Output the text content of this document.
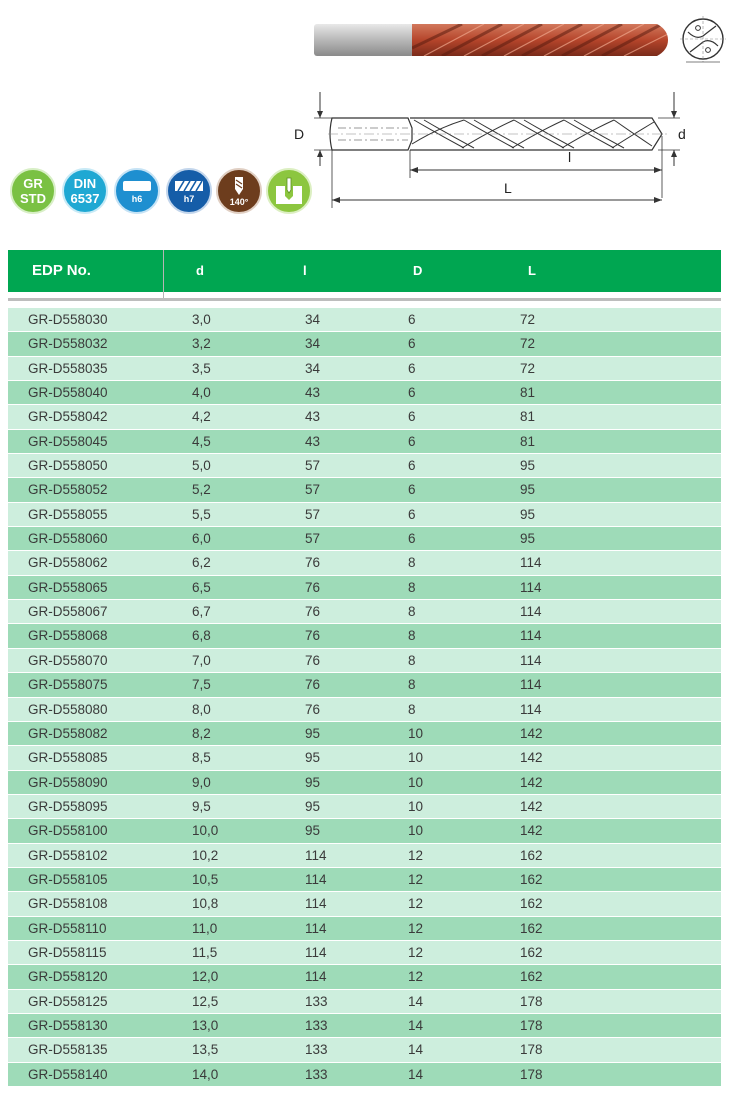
D	d
l
L
GR
STD
DIN
6537	h6	h7	140°
EDP No.	d	l	D	L
GR-D558030	3,0	34	6	72
GR-D558032	3,2	34	6	72
GR-D558035	3,5	34	6	72
GR-D558040	4,0	43	6	81
GR-D558042	4,2	43	6	81
GR-D558045	4,5	43	6	81
GR-D558050	5,0	57	6	95
GR-D558052	5,2	57	6	95
GR-D558055	5,5	57	6	95
GR-D558060	6,0	57	6	95
GR-D558062	6,2	76	8	114
GR-D558065	6,5	76	8	114
GR-D558067	6,7	76	8	114
GR-D558068	6,8	76	8	114
GR-D558070	7,0	76	8	114
GR-D558075	7,5	76	8	114
GR-D558080	8,0	76	8	114
GR-D558082	8,2	95	10	142
GR-D558085	8,5	95	10	142
GR-D558090	9,0	95	10	142
GR-D558095	9,5	95	10	142
GR-D558100	10,0	95	10	142
GR-D558102	10,2	114	12	162
GR-D558105	10,5	114	12	162
GR-D558108	10,8	114	12	162
GR-D558110	11,0	114	12	162
GR-D558115	11,5	114	12	162
GR-D558120	12,0	114	12	162
GR-D558125	12,5	133	14	178
GR-D558130	13,0	133	14	178
GR-D558135	13,5	133	14	178
GR-D558140	14,0	133	14	178
